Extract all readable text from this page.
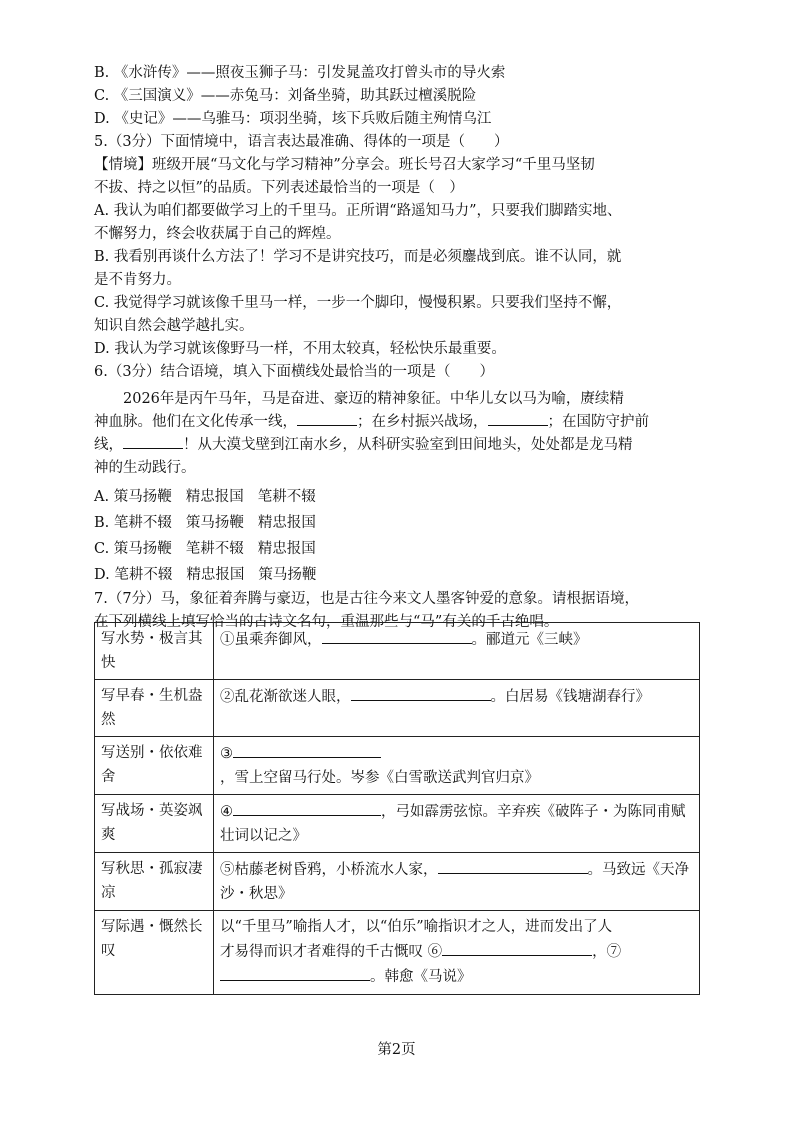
B. 《水浒传》——照夜玉狮子马：引发晁盖攻打曾头市的导火索
C. 《三国演义》——赤兔马：刘备坐骑，助其跃过檀溪脱险
D. 《史记》——乌骓马：项羽坐骑，垓下兵败后随主殉情乌江
5.（3分）下面情境中，语言表达最准确、得体的一项是（　　）
【情境】班级开展“马文化与学习精神”分享会。班长号召大家学习“千里马坚韧
不拔、持之以恒”的品质。下列表述最恰当的一项是（　）
A. 我认为咱们都要做学习上的千里马。正所谓“路遥知马力”，只要我们脚踏实地、
不懈努力，终会收获属于自己的辉煌。
B. 我看别再谈什么方法了！学习不是讲究技巧，而是必须鏖战到底。谁不认同，就
是不肯努力。
C. 我觉得学习就该像千里马一样，一步一个脚印，慢慢积累。只要我们坚持不懈，
知识自然会越学越扎实。
D. 我认为学习就该像野马一样，不用太较真，轻松快乐最重要。
6.（3分）结合语境，填入下面横线处最恰当的一项是（　　）
2026年是丙午马年，马是奋进、豪迈的精神象征。中华儿女以马为喻，赓续精
神血脉。他们在文化传承一线，	；在乡村振兴战场，	；在国防守护前
线，	！从大漠戈壁到江南水乡，从科研实验室到田间地头，处处都是龙马精
神的生动践行。
A. 策马扬鞭 精忠报国 笔耕不辍
B. 笔耕不辍 策马扬鞭 精忠报国
C. 策马扬鞭 笔耕不辍 精忠报国
D. 笔耕不辍 精忠报国 策马扬鞭
7.（7分）马，象征着奔腾与豪迈，也是古往今来文人墨客钟爱的意象。请根据语境，
在下列横线上填写恰当的古诗文名句，重温那些与“马”有关的千古绝唱。
写水势・极言其快	①虽乘奔御风， 。郦道元《三峡》
写早春・生机盎然	②乱花渐欲迷人眼， 。白居易《钱塘湖春行》
写送别・依依难舍	③，雪上空留马行处。岑参《白雪歌送武判官归京》
写战场・英姿飒爽	④ ，弓如霹雳弦惊。辛弃疾《破阵子・为陈同甫赋壮词以记之》
写秋思・孤寂凄凉	⑤枯藤老树昏鸦，小桥流水人家， 。马致远《天净沙・秋思》
写际遇・慨然长叹	以“千里马”喻指人才，以“伯乐”喻指识才之人，进而发出了人
才易得而识才者难得的千古慨叹 ⑥ ，⑦
。韩愈《马说》
第2页
